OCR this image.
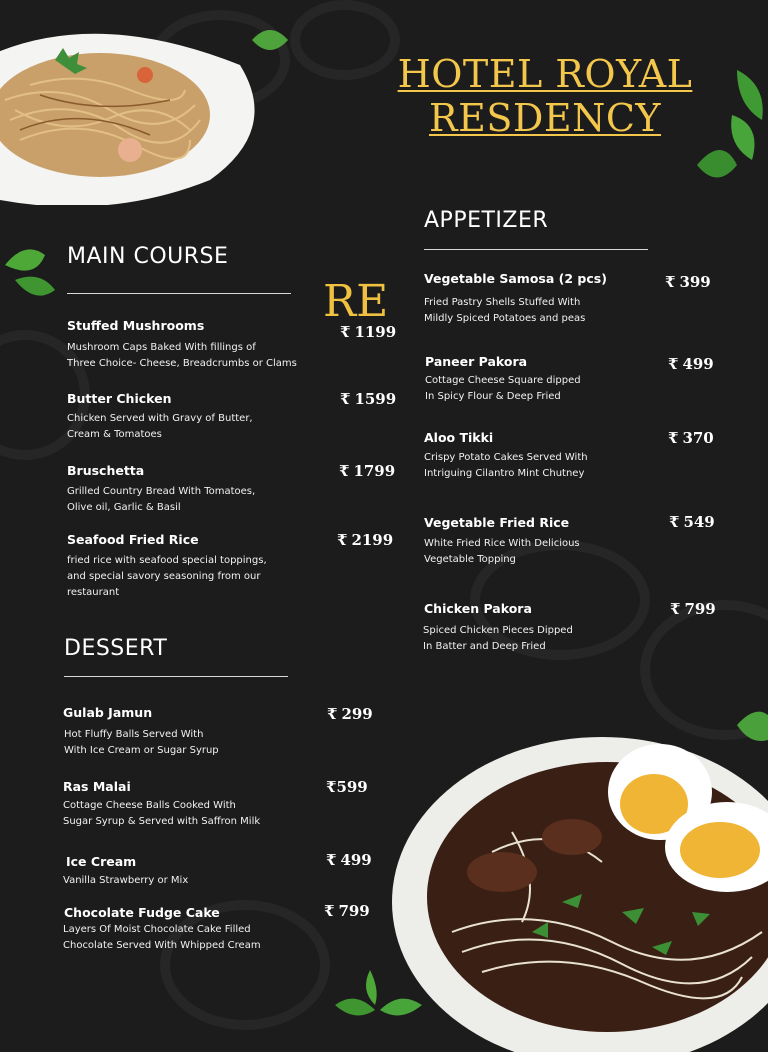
HOTEL ROYAL RESDENCY
RE
MAIN COURSE
Stuffed Mushrooms	₹ 1199
Mushroom Caps Baked With fillings of
Three Choice- Cheese, Breadcrumbs or Clams
Butter Chicken	₹ 1599
Chicken Served with Gravy of Butter,
Cream & Tomatoes
Bruschetta	₹ 1799
Grilled Country Bread With Tomatoes,
Olive oil, Garlic & Basil
Seafood Fried Rice	₹ 2199
fried rice with seafood special toppings,
and special savory seasoning from our
restaurant
APPETIZER
Vegetable Samosa (2 pcs)	₹ 399
Fried Pastry Shells Stuffed With
Mildly Spiced Potatoes and peas
Paneer Pakora	₹ 499
Cottage Cheese Square dipped
In Spicy Flour & Deep Fried
Aloo Tikki	₹ 370
Crispy Potato Cakes Served With
Intriguing Cilantro Mint Chutney
Vegetable Fried Rice	₹ 549
White Fried Rice With Delicious
Vegetable Topping
Chicken Pakora	₹ 799
Spiced Chicken Pieces Dipped
In Batter and Deep Fried
DESSERT
Gulab Jamun	₹ 299
Hot Fluffy Balls Served With
With Ice Cream or Sugar Syrup
Ras Malai	₹599
Cottage Cheese Balls Cooked With
Sugar Syrup & Served with Saffron Milk
Ice Cream	₹ 499
Vanilla Strawberry or Mix
Chocolate Fudge Cake	₹ 799
Layers Of Moist Chocolate Cake Filled
Chocolate Served With Whipped Cream
